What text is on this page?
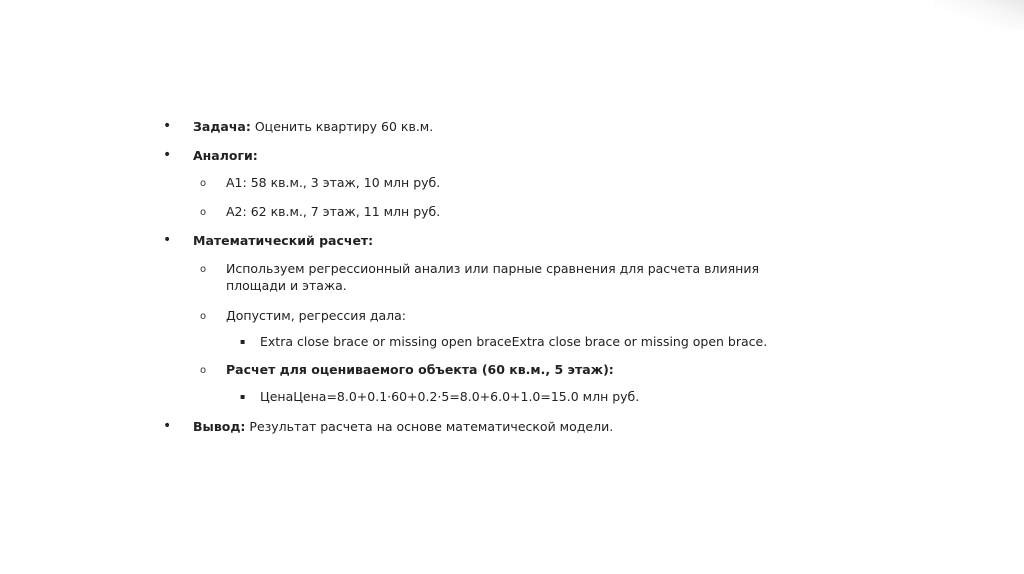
• Задача: Оценить квартиру 60 кв.м.
• Аналоги:
o А1: 58 кв.м., 3 этаж, 10 млн руб.
o А2: 62 кв.м., 7 этаж, 11 млн руб.
• Математический расчет:
o Используем регрессионный анализ или парные сравнения для расчета влияния площади и этажа.
o Допустим, регрессия дала:
▪ Extra close brace or missing open braceExtra close brace or missing open brace.
o Расчет для оцениваемого объекта (60 кв.м., 5 этаж):
▪ ЦенаЦена=8.0+0.1·60+0.2·5=8.0+6.0+1.0=15.0 млн руб.
• Вывод: Результат расчета на основе математической модели.
